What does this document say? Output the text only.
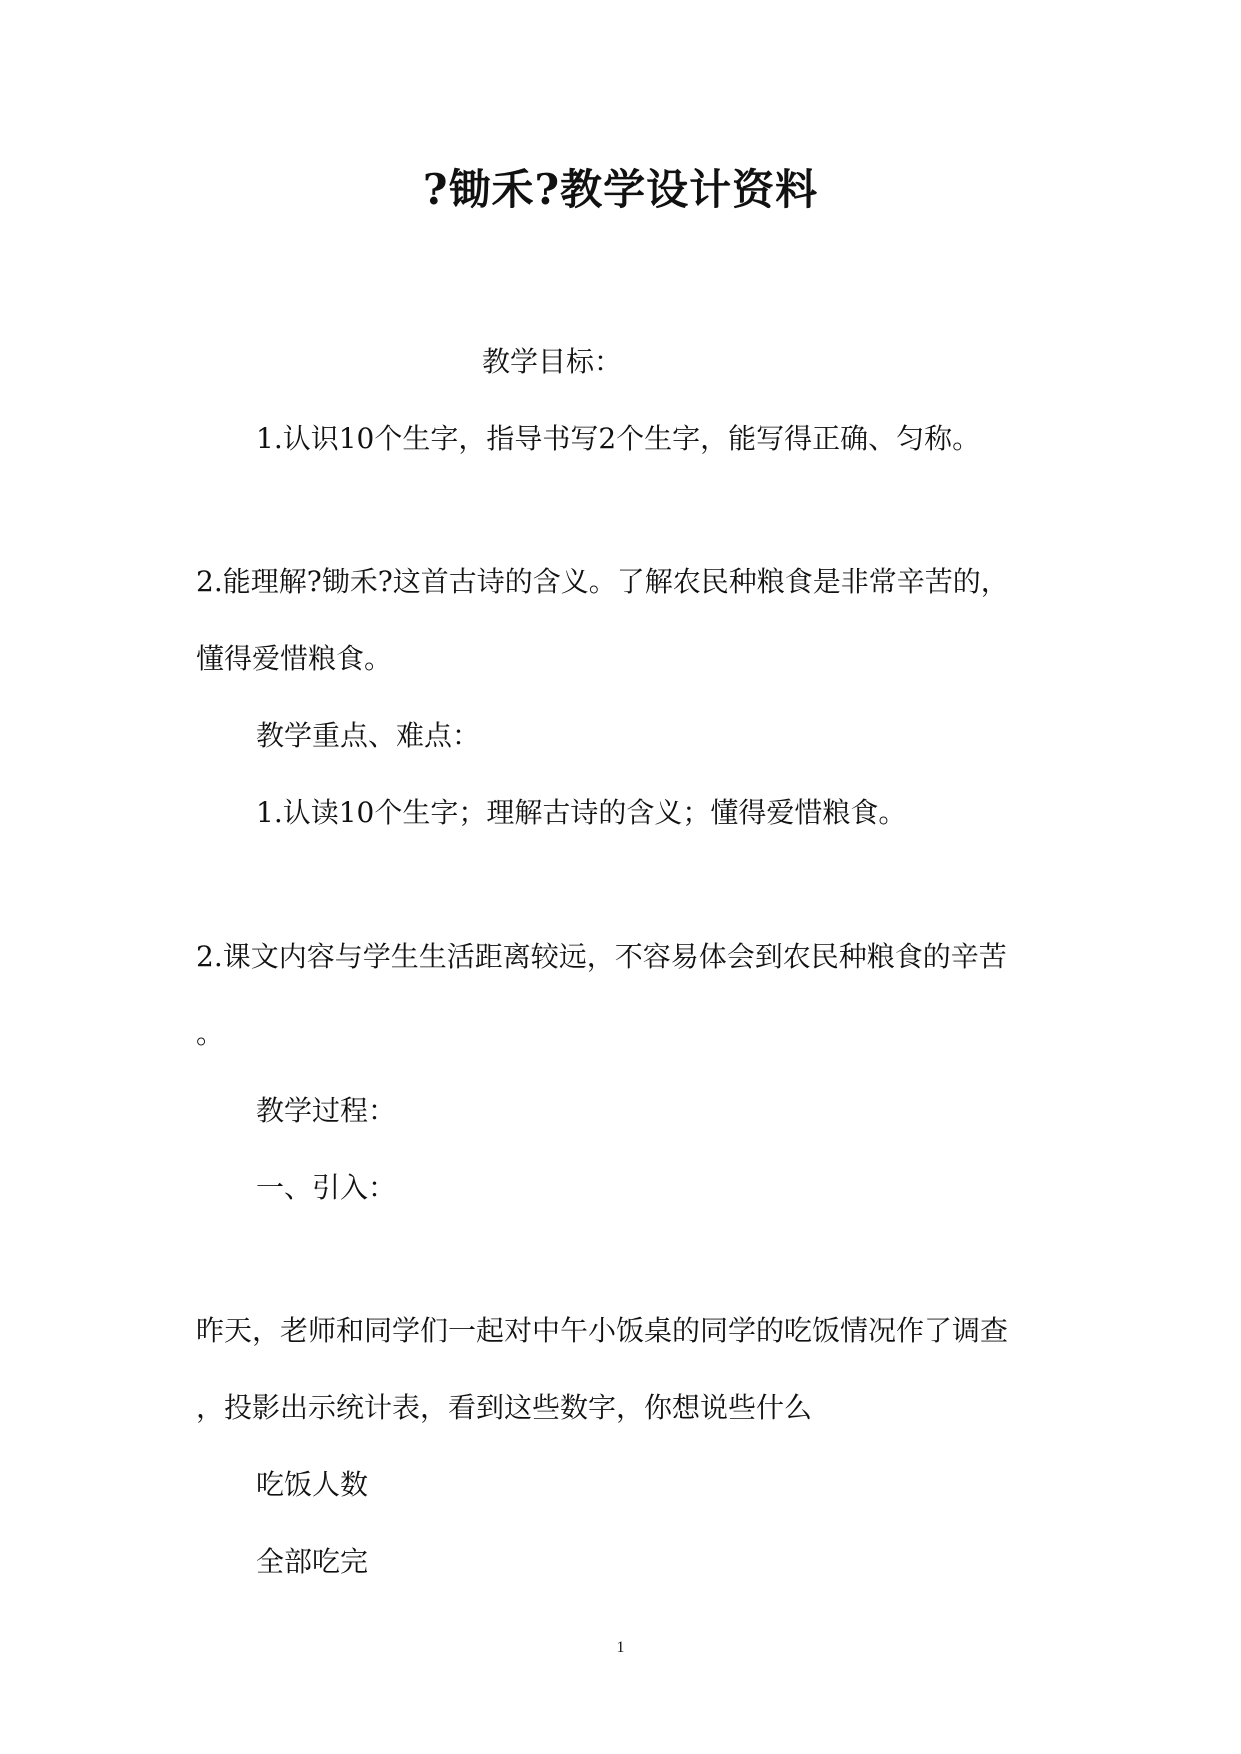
?锄禾?教学设计资料
教学目标：
1.认识10个生字，指导书写2个生字，能写得正确、匀称。
2.能理解?锄禾?这首古诗的含义。了解农民种粮食是非常辛苦的，
懂得爱惜粮食。
教学重点、难点：
1.认读10个生字；理解古诗的含义；懂得爱惜粮食。
2.课文内容与学生生活距离较远，不容易体会到农民种粮食的辛苦
。
教学过程：
一、引入：
昨天，老师和同学们一起对中午小饭桌的同学的吃饭情况作了调查
，投影出示统计表，看到这些数字，你想说些什么
吃饭人数
全部吃完
1
